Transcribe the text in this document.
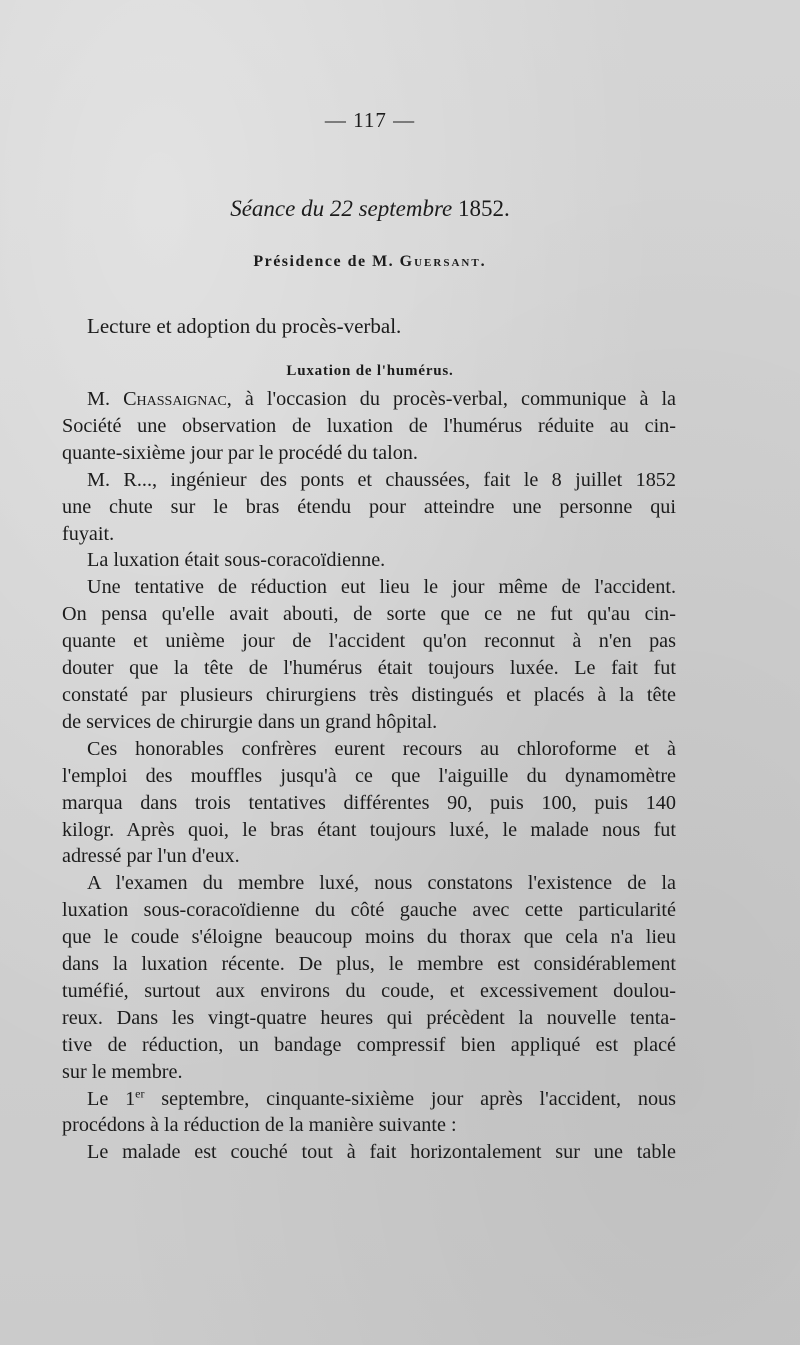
— 117 —
Séance du 22 septembre 1852.
Présidence de M. Guersant.
Lecture et adoption du procès-verbal.
Luxation de l'humérus.
M. Chassaignac, à l'occasion du procès-verbal, communique à la
Société une observation de luxation de l'humérus réduite au cin-
quante-sixième jour par le procédé du talon.
M. R..., ingénieur des ponts et chaussées, fait le 8 juillet 1852
une chute sur le bras étendu pour atteindre une personne qui
fuyait.
La luxation était sous-coracoïdienne.
Une tentative de réduction eut lieu le jour même de l'accident.
On pensa qu'elle avait abouti, de sorte que ce ne fut qu'au cin-
quante et unième jour de l'accident qu'on reconnut à n'en pas
douter que la tête de l'humérus était toujours luxée. Le fait fut
constaté par plusieurs chirurgiens très distingués et placés à la tête
de services de chirurgie dans un grand hôpital.
Ces honorables confrères eurent recours au chloroforme et à
l'emploi des mouffles jusqu'à ce que l'aiguille du dynamomètre
marqua dans trois tentatives différentes 90, puis 100, puis 140
kilogr. Après quoi, le bras étant toujours luxé, le malade nous fut
adressé par l'un d'eux.
A l'examen du membre luxé, nous constatons l'existence de la
luxation sous-coracoïdienne du côté gauche avec cette particularité
que le coude s'éloigne beaucoup moins du thorax que cela n'a lieu
dans la luxation récente. De plus, le membre est considérablement
tuméfié, surtout aux environs du coude, et excessivement doulou-
reux. Dans les vingt-quatre heures qui précèdent la nouvelle tenta-
tive de réduction, un bandage compressif bien appliqué est placé
sur le membre.
Le 1er septembre, cinquante-sixième jour après l'accident, nous
procédons à la réduction de la manière suivante :
Le malade est couché tout à fait horizontalement sur une table
